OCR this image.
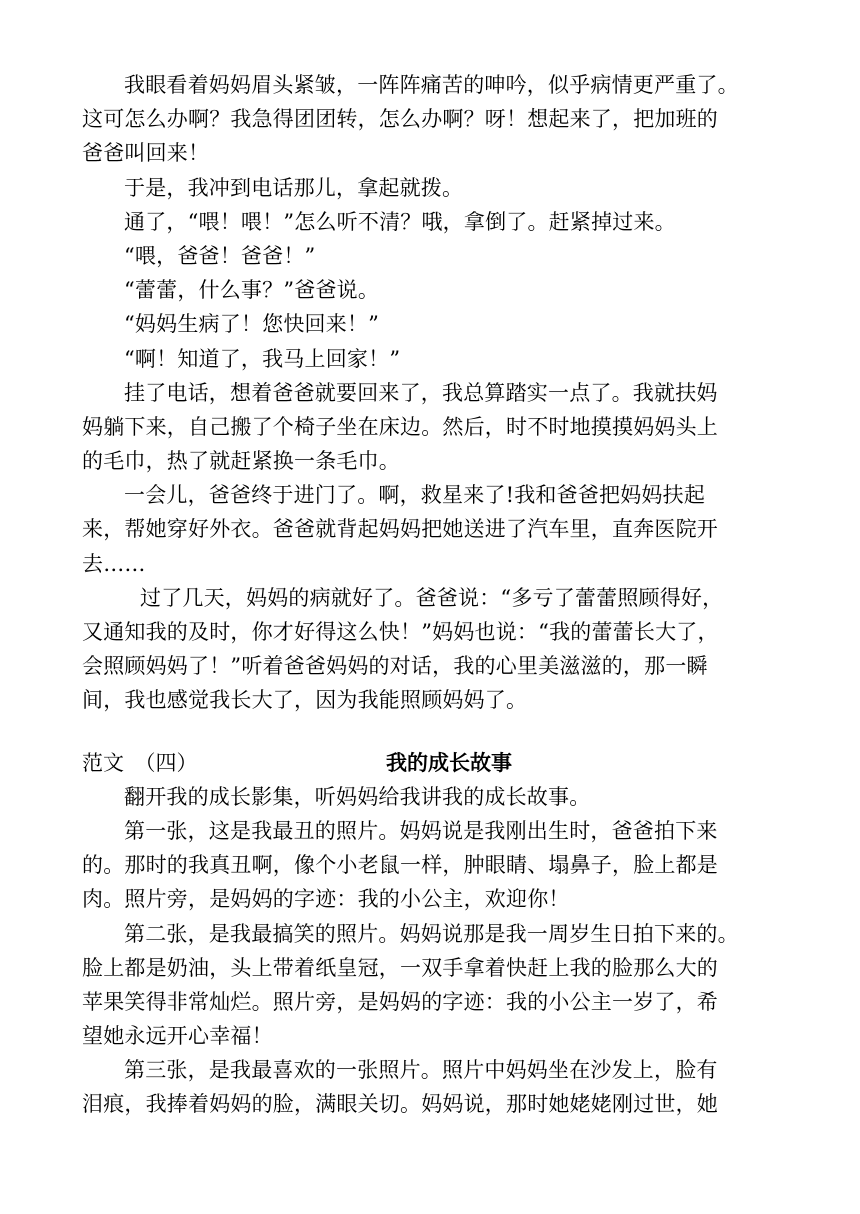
我眼看着妈妈眉头紧皱，一阵阵痛苦的呻吟，似乎病情更严重了。
这可怎么办啊？我急得团团转，怎么办啊？呀！想起来了，把加班的
爸爸叫回来！
于是，我冲到电话那儿，拿起就拨。
通了，“喂！喂！”怎么听不清？哦，拿倒了。赶紧掉过来。
“喂，爸爸！爸爸！”
“蕾蕾，什么事？”爸爸说。
“妈妈生病了！您快回来！”
“啊！知道了，我马上回家！”
挂了电话，想着爸爸就要回来了，我总算踏实一点了。我就扶妈
妈躺下来，自己搬了个椅子坐在床边。然后，时不时地摸摸妈妈头上
的毛巾，热了就赶紧换一条毛巾。
一会儿，爸爸终于进门了。啊，救星来了!我和爸爸把妈妈扶起
来，帮她穿好外衣。爸爸就背起妈妈把她送进了汽车里，直奔医院开
去……
过了几天，妈妈的病就好了。爸爸说：“多亏了蕾蕾照顾得好，
又通知我的及时，你才好得这么快！”妈妈也说：“我的蕾蕾长大了，
会照顾妈妈了！”听着爸爸妈妈的对话，我的心里美滋滋的，那一瞬
间，我也感觉我长大了，因为我能照顾妈妈了。
范文　（四）	我的成长故事
翻开我的成长影集，听妈妈给我讲我的成长故事。
第一张，这是我最丑的照片。妈妈说是我刚出生时，爸爸拍下来
的。那时的我真丑啊，像个小老鼠一样，肿眼睛、塌鼻子，脸上都是
肉。照片旁，是妈妈的字迹：我的小公主，欢迎你！
第二张，是我最搞笑的照片。妈妈说那是我一周岁生日拍下来的。
脸上都是奶油，头上带着纸皇冠，一双手拿着快赶上我的脸那么大的
苹果笑得非常灿烂。照片旁，是妈妈的字迹：我的小公主一岁了，希
望她永远开心幸福！
第三张，是我最喜欢的一张照片。照片中妈妈坐在沙发上，脸有
泪痕，我捧着妈妈的脸，满眼关切。妈妈说，那时她姥姥刚过世，她
